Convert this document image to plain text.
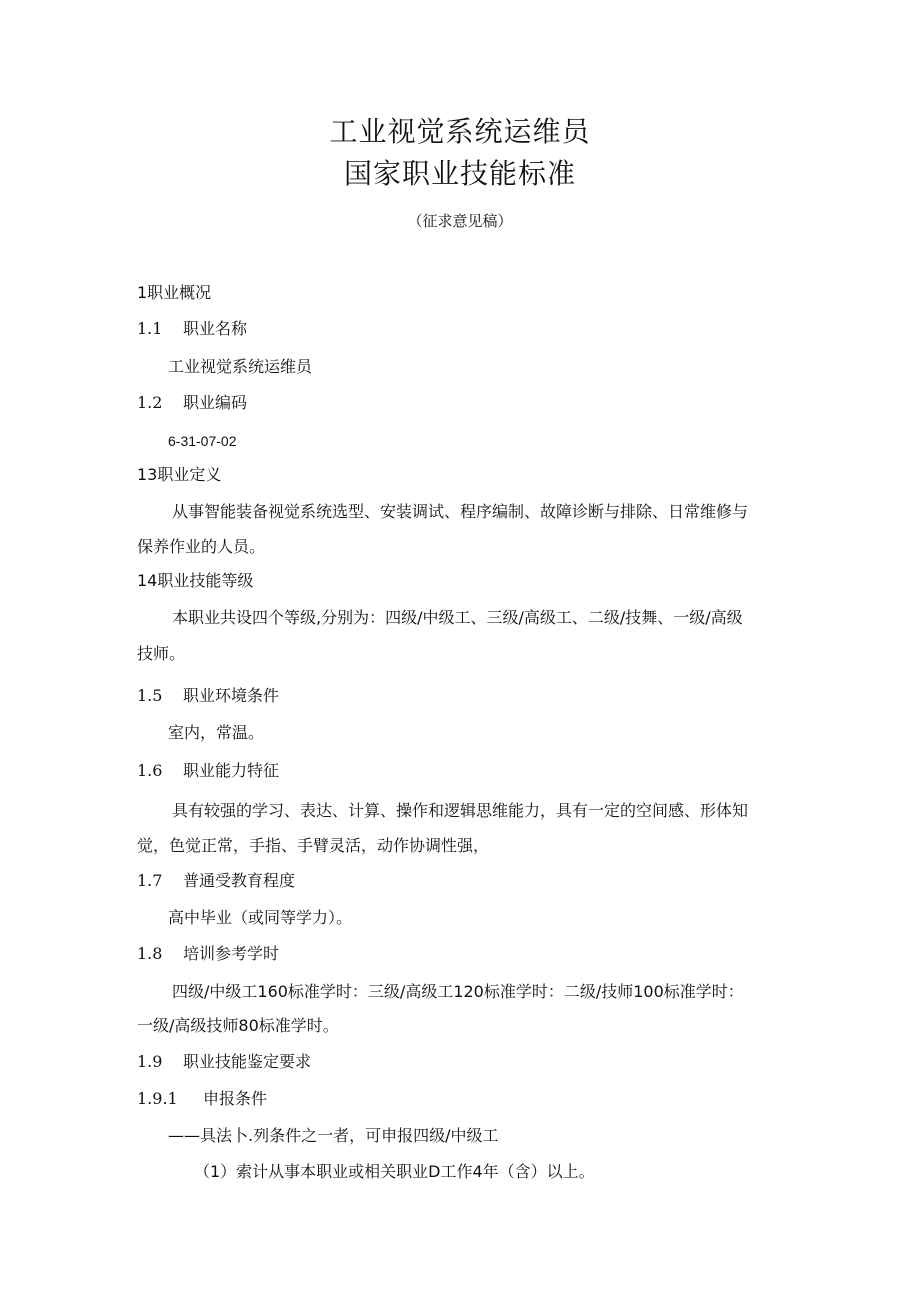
工业视觉系统运维员
国家职业技能标准
（征求意见稿）
1职业概况
1.1 职业名称
工业视觉系统运维员
1.2 职业编码
6-31-07-02
13职业定义
从事智能装备视觉系统选型、安装调试、程序编制、故障诊断与排除、日常维修与
保养作业的人员。
14职业技能等级
本职业共设四个等级,分别为：四级/中级工、三级/高级工、二级/技舞、一级/高级
技师。
1.5 职业环境条件
室内，常温。
1.6 职业能力特征
具有较强的学习、表达、计算、操作和逻辑思维能力，具有一定的空间感、形体知
觉，色觉正常，手指、手臂灵活，动作协调性强，
1.7 普通受教育程度
高中毕业（或同等学力）。
1.8 培训参考学时
四级/中级工160标准学时：三级/高级工120标准学时：二级/技师100标准学时：
一级/高级技师80标准学时。
1.9 职业技能鉴定要求
1.9.1 申报条件
——具法卜.列条件之一者，可申报四级/中级工
（1）索计从事本职业或相关职业D工作4年（含）以上。
